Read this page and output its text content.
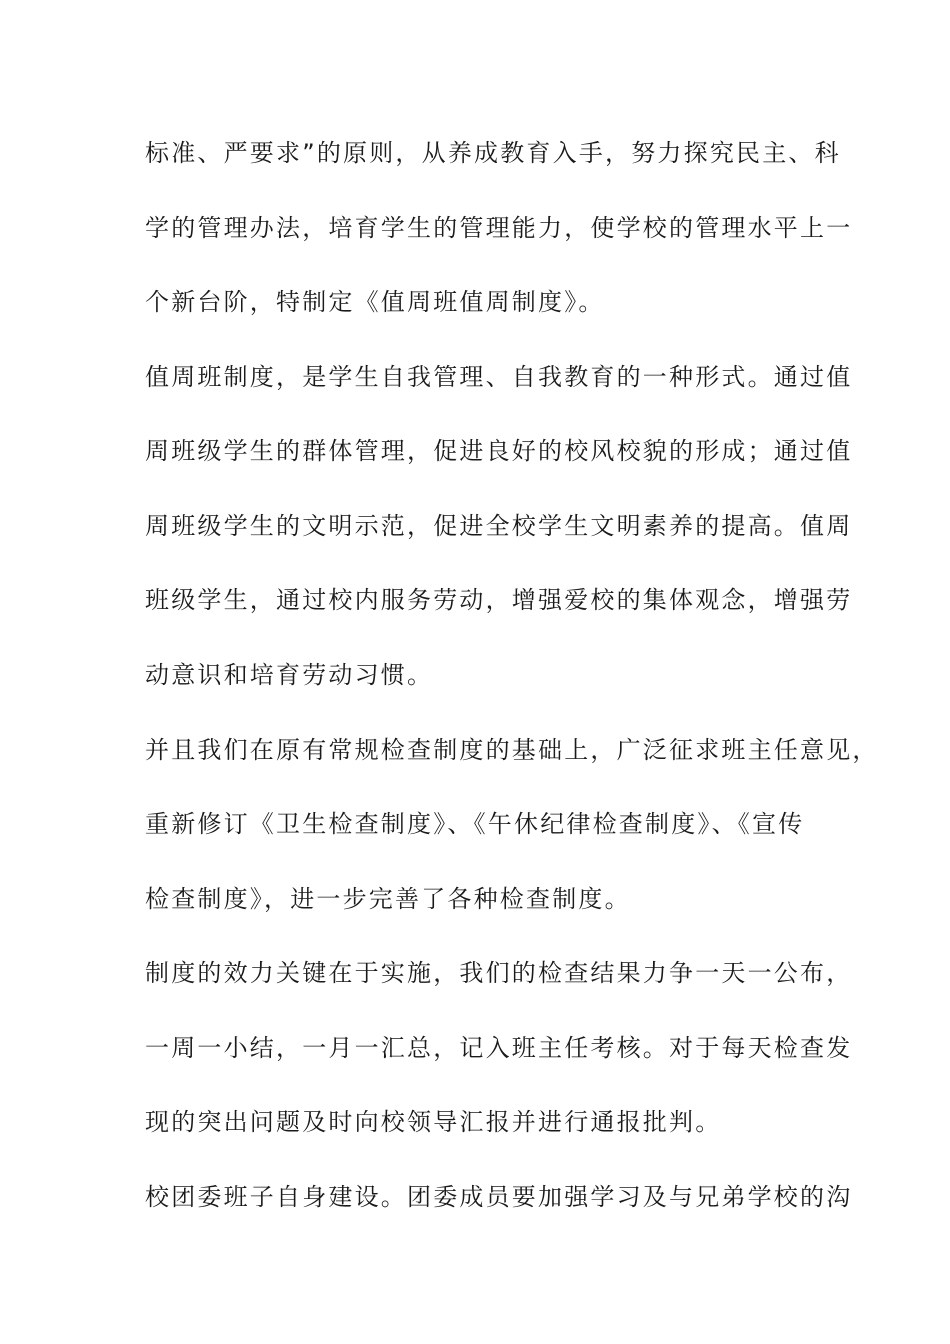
标准、严要求”的原则，从养成教育入手，努力探究民主、科
学的管理办法，培育学生的管理能力，使学校的管理水平上一
个新台阶，特制定《值周班值周制度》。
值周班制度，是学生自我管理、自我教育的一种形式。通过值
周班级学生的群体管理，促进良好的校风校貌的形成；通过值
周班级学生的文明示范，促进全校学生文明素养的提高。值周
班级学生，通过校内服务劳动，增强爱校的集体观念，增强劳
动意识和培育劳动习惯。
并且我们在原有常规检查制度的基础上，广泛征求班主任意见，
重新修订《卫生检查制度》、《午休纪律检查制度》、《宣传
检查制度》，进一步完善了各种检查制度。
制度的效力关键在于实施，我们的检查结果力争一天一公布，
一周一小结，一月一汇总，记入班主任考核。对于每天检查发
现的突出问题及时向校领导汇报并进行通报批判。
校团委班子自身建设。团委成员要加强学习及与兄弟学校的沟
